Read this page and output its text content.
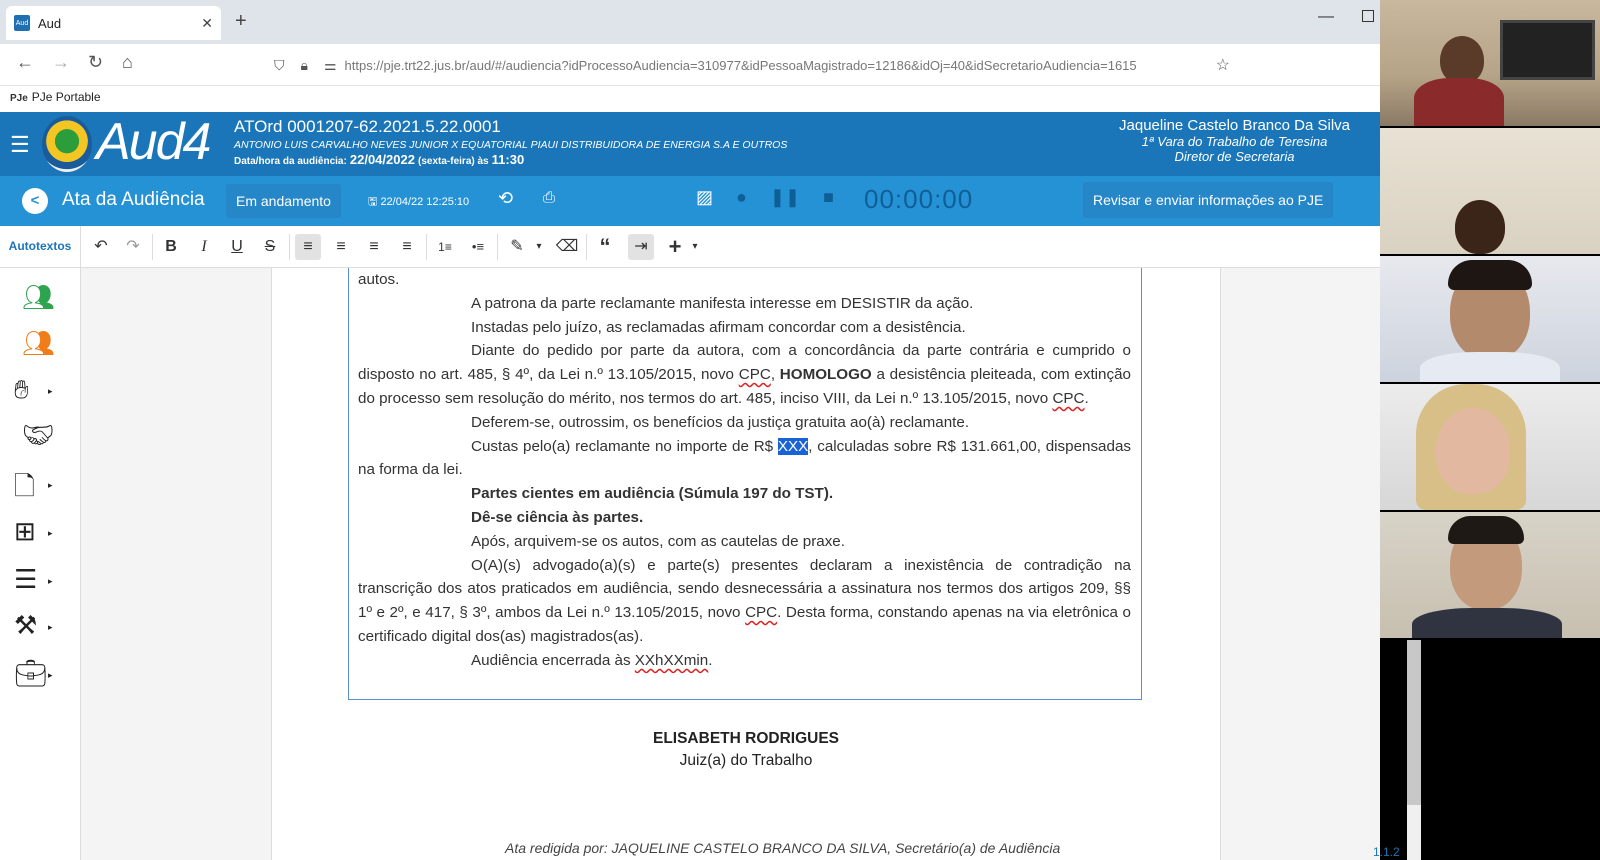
Aud Aud	✕ +	—
← → ↻ ⌂	⛉ 🔒︎ ⚌ https://pje.trt22.jus.br/aud/#/audiencia?idProcessoAudiencia=310977&idPessoaMagistrado=12186&idOj=40&idSecretarioAudiencia=1615	☆
PJe PJe Portable
☰ Aud4 ATOrd 0001207-62.2021.5.22.0001
ANTONIO LUIS CARVALHO NEVES JUNIOR X EQUATORIAL PIAUI DISTRIBUIDORA DE ENERGIA S.A E OUTROS
Data/hora da audiência: 22/04/2022 (sexta-feira) às 11:30
Jaqueline Castelo Branco Da Silva
1ª Vara do Trabalho de Teresina
Diretor de Secretaria
<	Ata da Audiência	Em andamento	🖫 22/04/22 12:25:10 ⟲ ⎙	▨ ● ❚❚ ■	00:00:00	Revisar e enviar informações ao PJE
Autotextos	↶	↷	B	I	U	S	≡	≡	≡	≡	1≡	•≡	✎	▾ ⌫ “	⇥ +	▾
👥︎
👥︎
✋︎ ▸
🤝︎
🗋 ▸
⊞ ▸
☰ ▸
⚒︎ ▸
💼︎ ▸

autos.

A patrona da parte reclamante manifesta interesse em DESISTIR da ação.

Instadas pelo juízo, as reclamadas afirmam concordar com a desistência.

Diante do pedido por parte da autora, com a concordância da parte contrária e cumprido o disposto no art. 485, § 4º, da Lei n.º 13.105/2015, novo CPC, HOMOLOGO a desistência pleiteada, com extinção do processo sem resolução do mérito, nos termos do art. 485, inciso VIII, da Lei n.º 13.105/2015, novo CPC.

Deferem-se, outrossim, os benefícios da justiça gratuita ao(à) reclamante.

Custas pelo(a) reclamante no importe de R$ XXX, calculadas sobre R$ 131.661,00, dispensadas na forma da lei.

Partes cientes em audiência (Súmula 197 do TST).

Dê-se ciência às partes.

Após, arquivem-se os autos, com as cautelas de praxe.

O(A)(s) advogado(a)(s) e parte(s) presentes declaram a inexistência de contradição na transcrição dos atos praticados em audiência, sendo desnecessária a assinatura nos termos dos artigos 209, §§ 1º e 2º, e 417, § 3º, ambos da Lei n.º 13.105/2015, novo CPC. Desta forma, constando apenas na via eletrônica o certificado digital dos(as) magistrados(as).

Audiência encerrada às XXhXXmin.

ELISABETH RODRIGUES
Juiz(a) do Trabalho
Ata redigida por: JAQUELINE CASTELO BRANCO DA SILVA, Secretário(a) de Audiência	1.1.2
